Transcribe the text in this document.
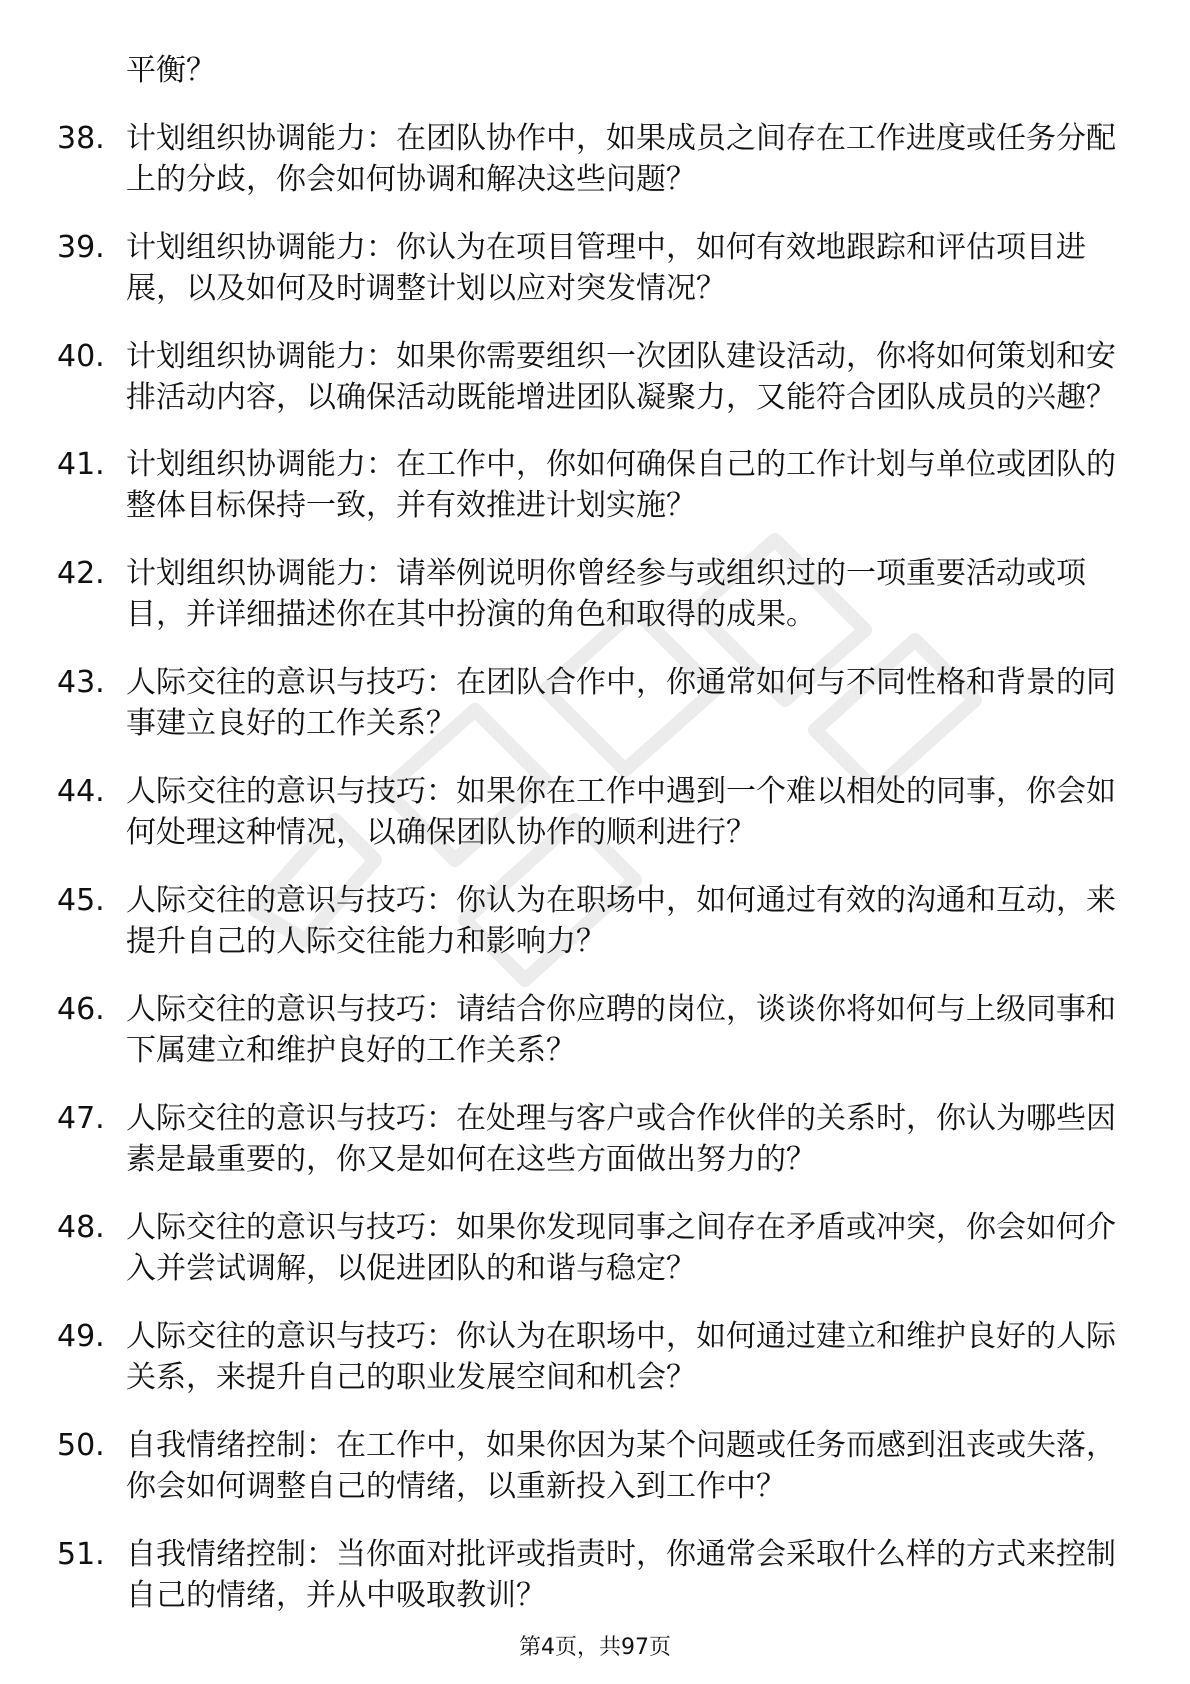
平衡？
38. 计划组织协调能力：在团队协作中，如果成员之间存在工作进度或任务分配上的分歧，你会如何协调和解决这些问题？
39. 计划组织协调能力：你认为在项目管理中，如何有效地跟踪和评估项目进展，以及如何及时调整计划以应对突发情况？
40. 计划组织协调能力：如果你需要组织一次团队建设活动，你将如何策划和安排活动内容，以确保活动既能增进团队凝聚力，又能符合团队成员的兴趣？
41. 计划组织协调能力：在工作中，你如何确保自己的工作计划与单位或团队的整体目标保持一致，并有效推进计划实施？
42. 计划组织协调能力：请举例说明你曾经参与或组织过的一项重要活动或项目，并详细描述你在其中扮演的角色和取得的成果。
43. 人际交往的意识与技巧：在团队合作中，你通常如何与不同性格和背景的同事建立良好的工作关系？
44. 人际交往的意识与技巧：如果你在工作中遇到一个难以相处的同事，你会如何处理这种情况，以确保团队协作的顺利进行？
45. 人际交往的意识与技巧：你认为在职场中，如何通过有效的沟通和互动，来提升自己的人际交往能力和影响力？
46. 人际交往的意识与技巧：请结合你应聘的岗位，谈谈你将如何与上级同事和下属建立和维护良好的工作关系？
47. 人际交往的意识与技巧：在处理与客户或合作伙伴的关系时，你认为哪些因素是最重要的，你又是如何在这些方面做出努力的？
48. 人际交往的意识与技巧：如果你发现同事之间存在矛盾或冲突，你会如何介入并尝试调解，以促进团队的和谐与稳定？
49. 人际交往的意识与技巧：你认为在职场中，如何通过建立和维护良好的人际关系，来提升自己的职业发展空间和机会？
50. 自我情绪控制：在工作中，如果你因为某个问题或任务而感到沮丧或失落，你会如何调整自己的情绪，以重新投入到工作中？
51. 自我情绪控制：当你面对批评或指责时，你通常会采取什么样的方式来控制自己的情绪，并从中吸取教训？
第4页，共97页
